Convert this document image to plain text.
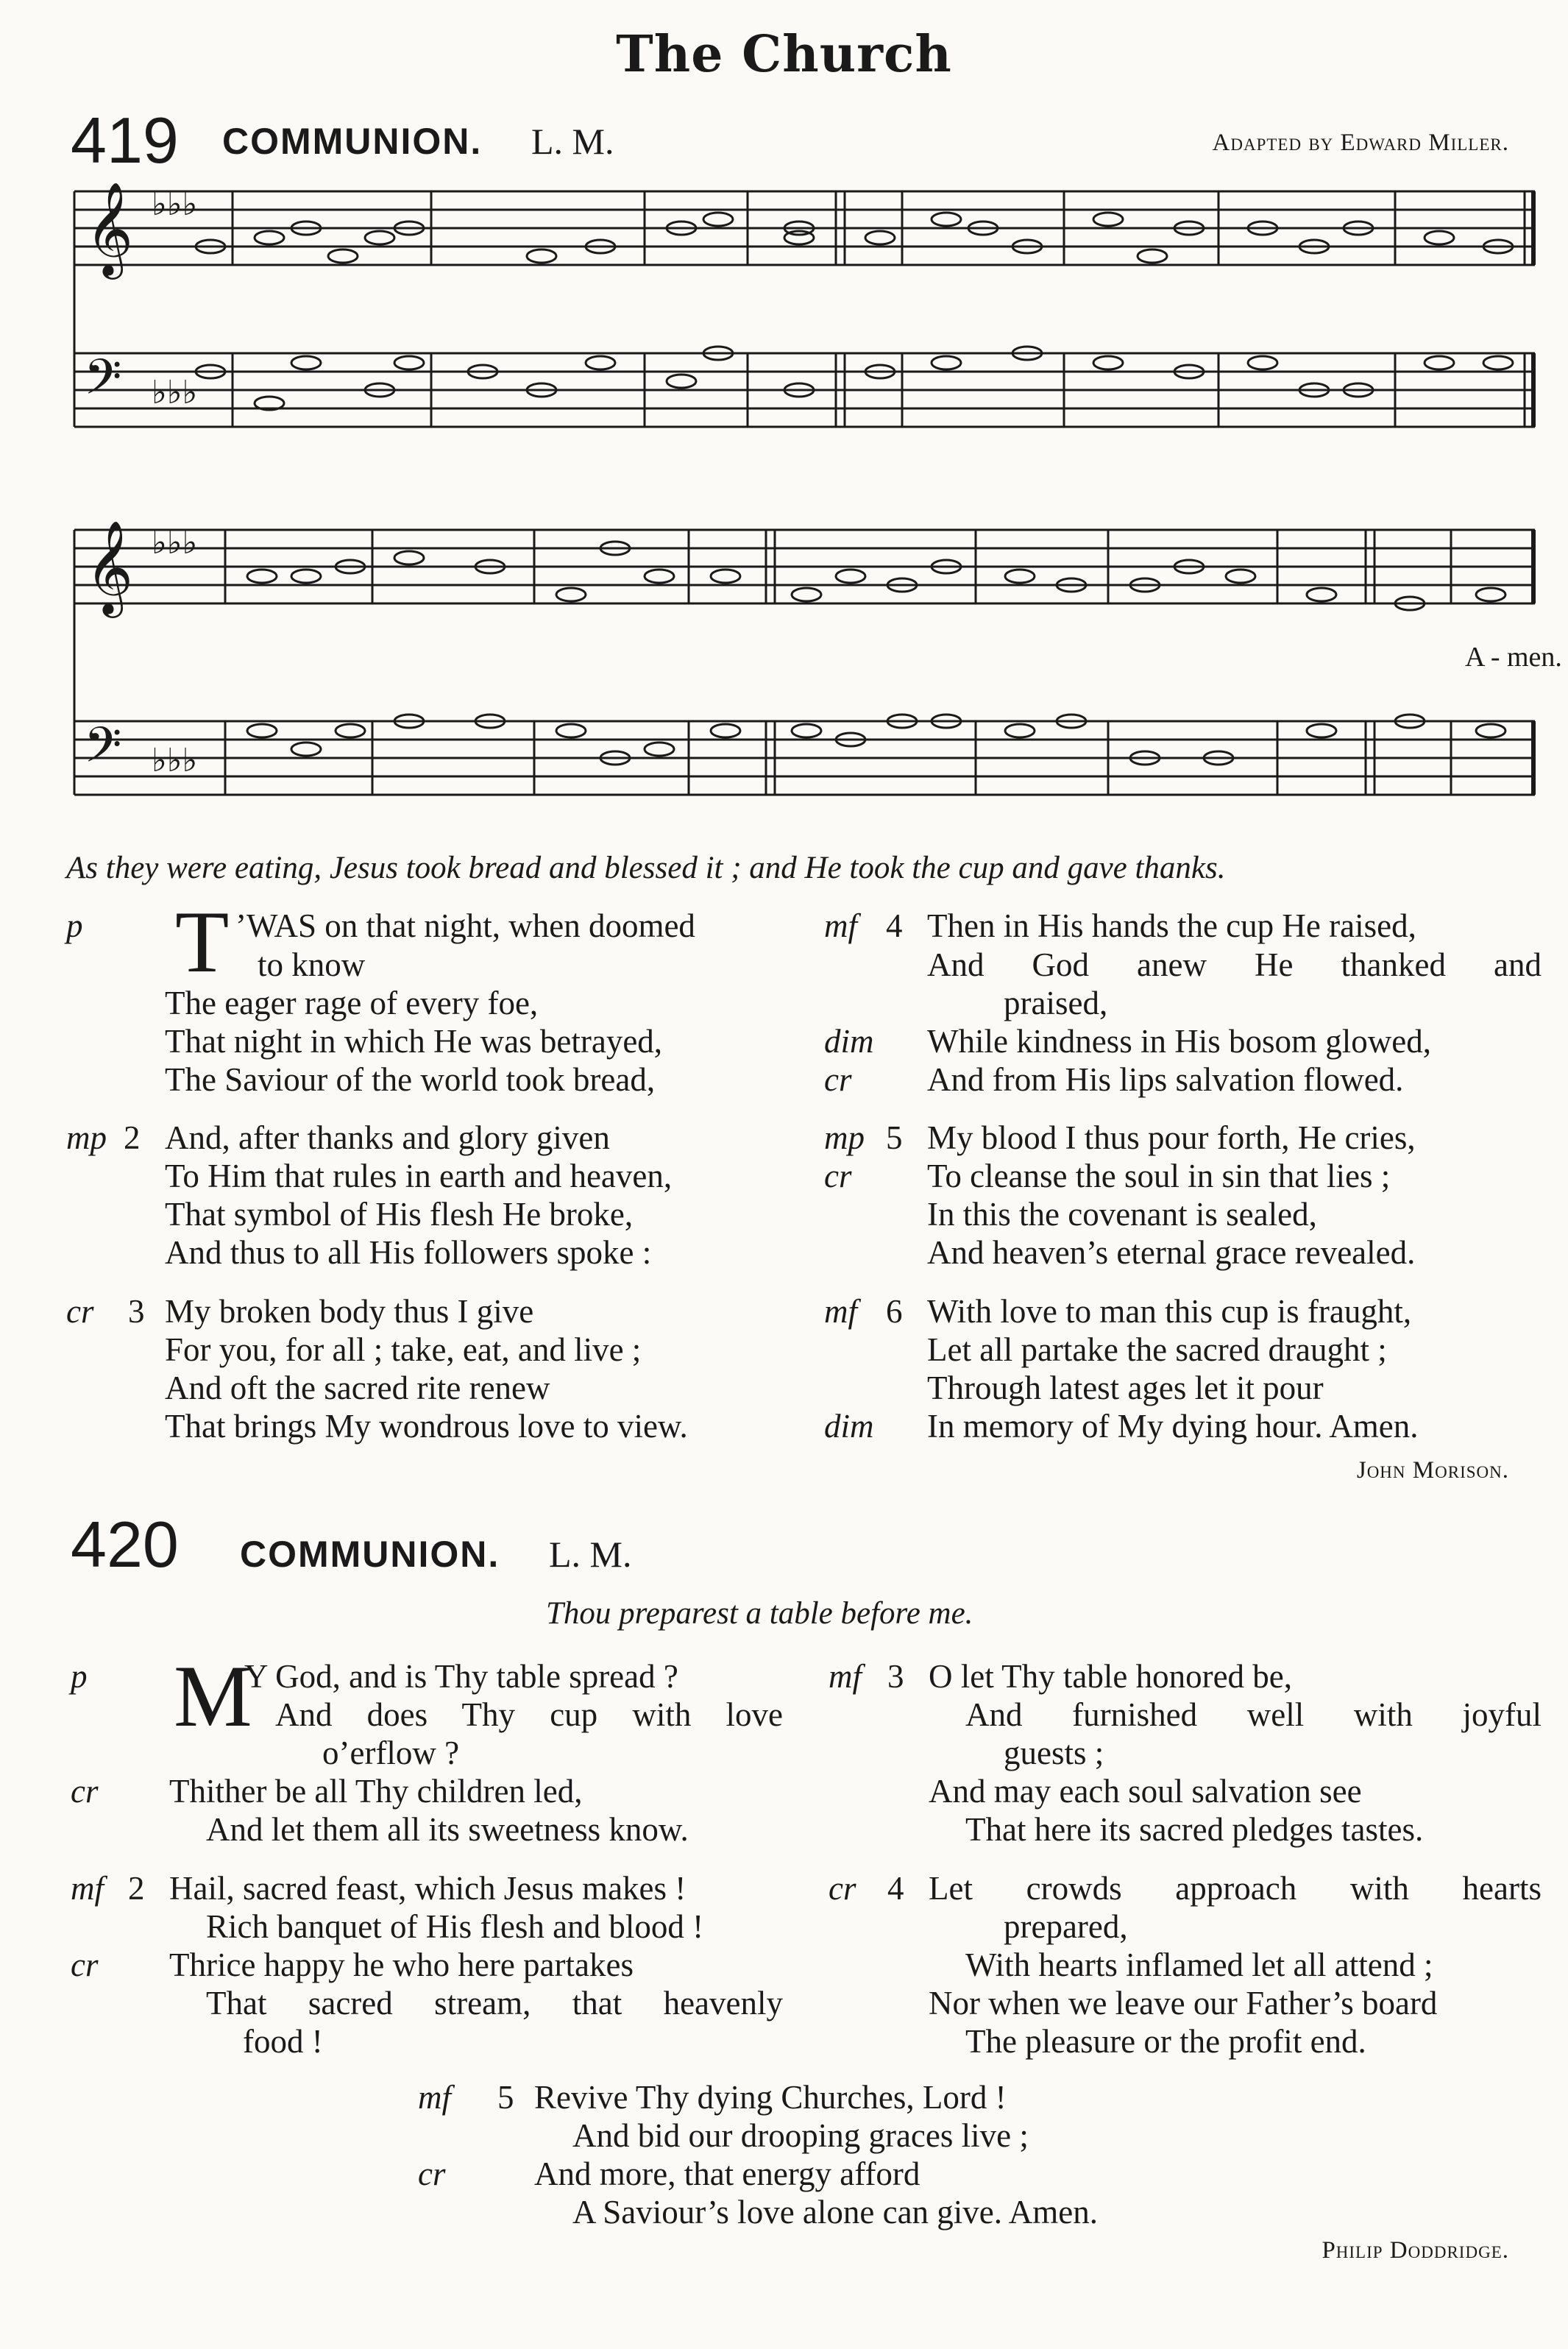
The Church
419 COMMUNION. L. M.	Adapted by Edward Miller.
𝄞
𝄢
♭♭♭
♭♭♭
𝄞
𝄢
♭♭♭
♭♭♭
A - men.
As they were eating, Jesus took bread and blessed it ; and He took the cup and gave thanks.
p T ’WAS on that night, when doomed
to know
The eager rage of every foe,
That night in which He was betrayed,
The Saviour of the world took bread,
mp 2 And, after thanks and glory given
To Him that rules in earth and heaven,
That symbol of His flesh He broke,
And thus to all His followers spoke :
cr 3 My broken body thus I give
For you, for all ; take, eat, and live ;
And oft the sacred rite renew
That brings My wondrous love to view.
mf 4 Then in His hands the cup He raised,
And God anew He thanked and
praised,
dim While kindness in His bosom glowed,
cr And from His lips salvation flowed.
mp 5 My blood I thus pour forth, He cries,
cr To cleanse the soul in sin that lies ;
In this the covenant is sealed,
And heaven’s eternal grace revealed.
mf 6 With love to man this cup is fraught,
Let all partake the sacred draught ;
Through latest ages let it pour
dim In memory of My dying hour. Amen.
John Morison.
420 COMMUNION. L. M.
Thou preparest a table before me.
p M
Y God, and is Thy table spread ?
And does Thy cup with love
o’erflow ?
cr Thither be all Thy children led,
And let them all its sweetness know.
mf 2 Hail, sacred feast, which Jesus makes !
Rich banquet of His flesh and blood !
cr Thrice happy he who here partakes
That sacred stream, that heavenly
food !
mf 3 O let Thy table honored be,
And furnished well with joyful
guests ;
And may each soul salvation see
That here its sacred pledges tastes.
cr 4 Let crowds approach with hearts
prepared,
With hearts inflamed let all attend ;
Nor when we leave our Father’s board
The pleasure or the profit end.
mf 5 Revive Thy dying Churches, Lord !
And bid our drooping graces live ;
cr	And more, that energy afford
A Saviour’s love alone can give. Amen.
Philip Doddridge.
